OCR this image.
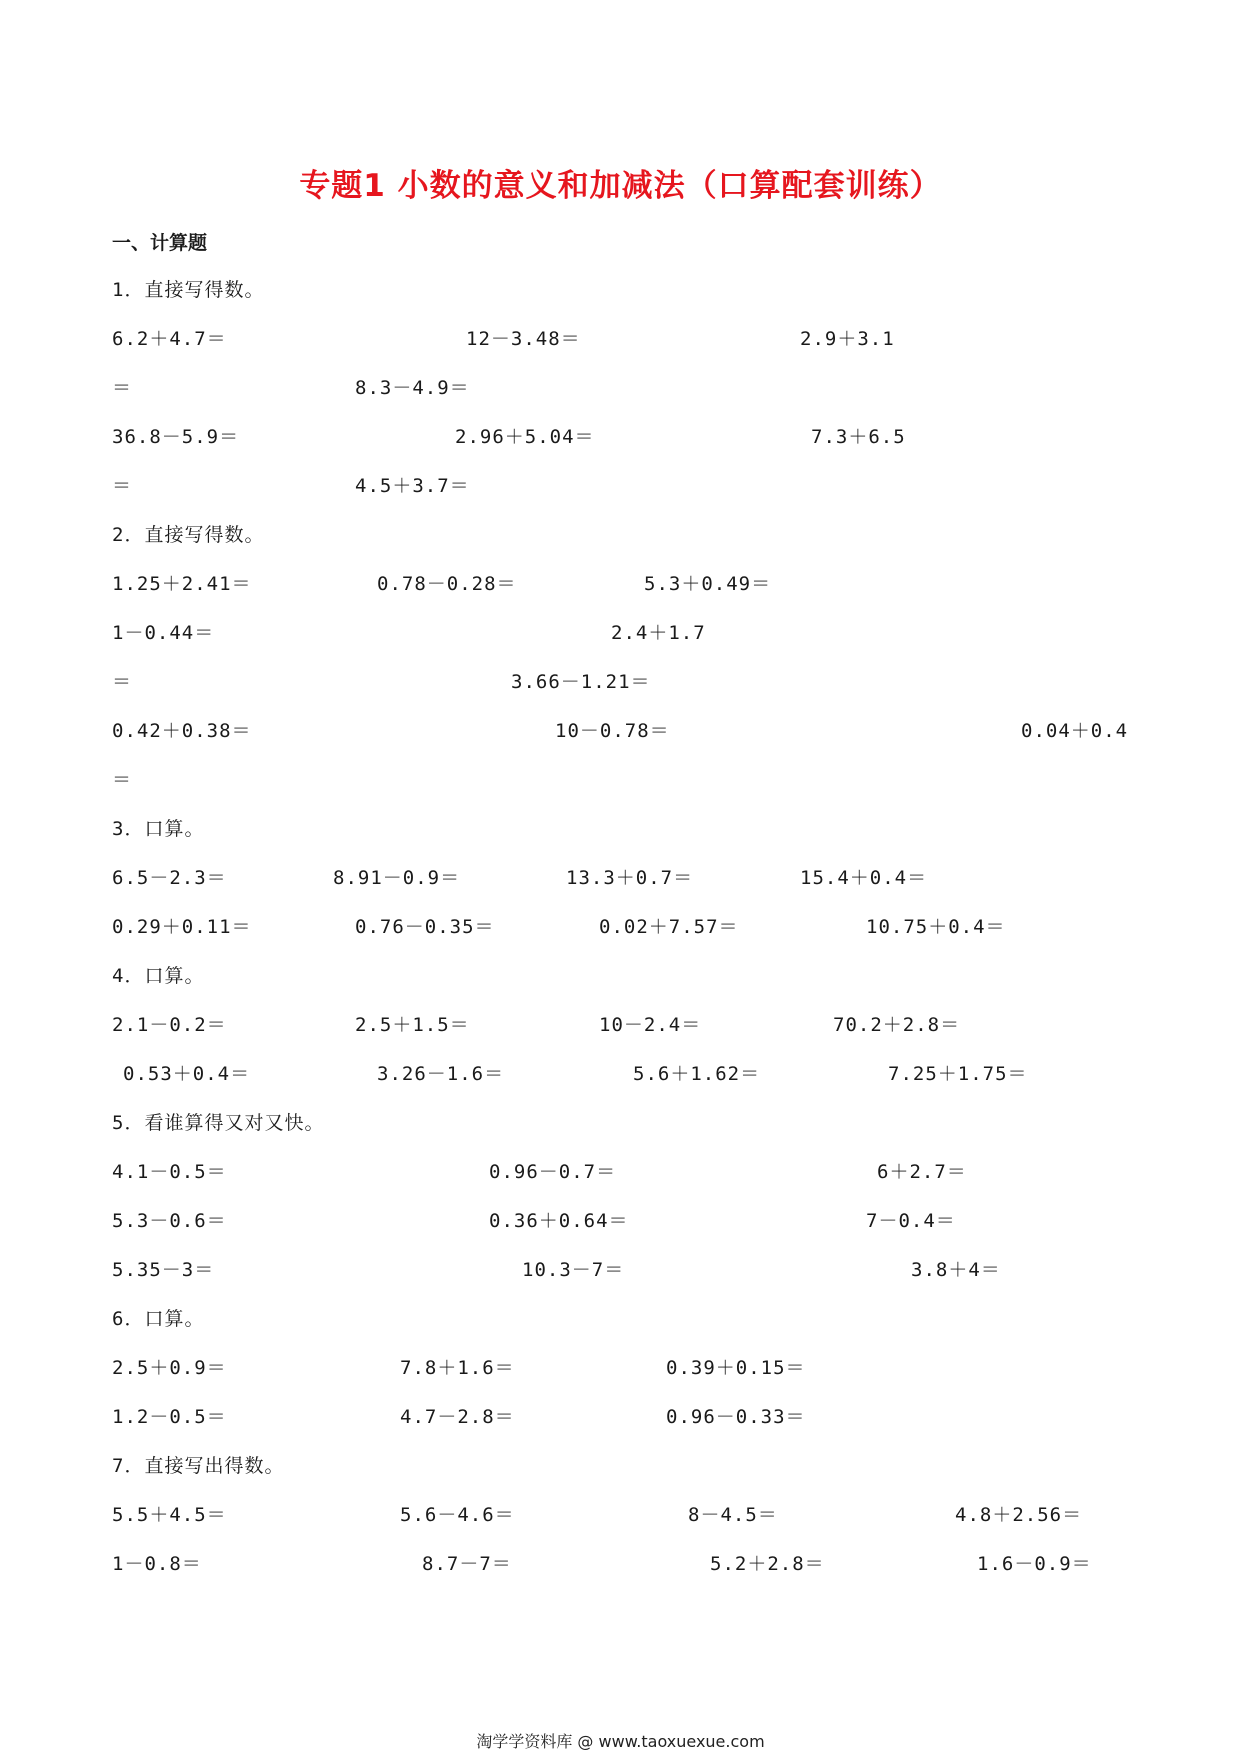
专题1 小数的意义和加减法（口算配套训练）
一、计算题
1．直接写得数。
6.2＋4.7＝	12－3.48＝	2.9＋3.1
＝	8.3－4.9＝
36.8－5.9＝	2.96＋5.04＝	7.3＋6.5
＝	4.5＋3.7＝
2．直接写得数。
1.25＋2.41＝	0.78－0.28＝	5.3＋0.49＝
1－0.44＝	2.4＋1.7
＝	3.66－1.21＝
0.42＋0.38＝	10－0.78＝	0.04＋0.4
＝
3．口算。
6.5－2.3＝	8.91－0.9＝	13.3＋0.7＝	15.4＋0.4＝
0.29＋0.11＝	0.76－0.35＝	0.02＋7.57＝	10.75＋0.4＝
4．口算。
2.1－0.2＝	2.5＋1.5＝	10－2.4＝	70.2＋2.8＝
0.53＋0.4＝	3.26－1.6＝	5.6＋1.62＝	7.25＋1.75＝
5．看谁算得又对又快。
4.1－0.5＝	0.96－0.7＝	6＋2.7＝
5.3－0.6＝	0.36＋0.64＝	7－0.4＝
5.35－3＝	10.3－7＝	3.8＋4＝
6．口算。
2.5＋0.9＝	7.8＋1.6＝	0.39＋0.15＝
1.2－0.5＝	4.7－2.8＝	0.96－0.33＝
7．直接写出得数。
5.5＋4.5＝	5.6－4.6＝	8－4.5＝	4.8＋2.56＝
1－0.8＝	8.7－7＝	5.2＋2.8＝	1.6－0.9＝
淘学学资料库 @ www.taoxuexue.com
